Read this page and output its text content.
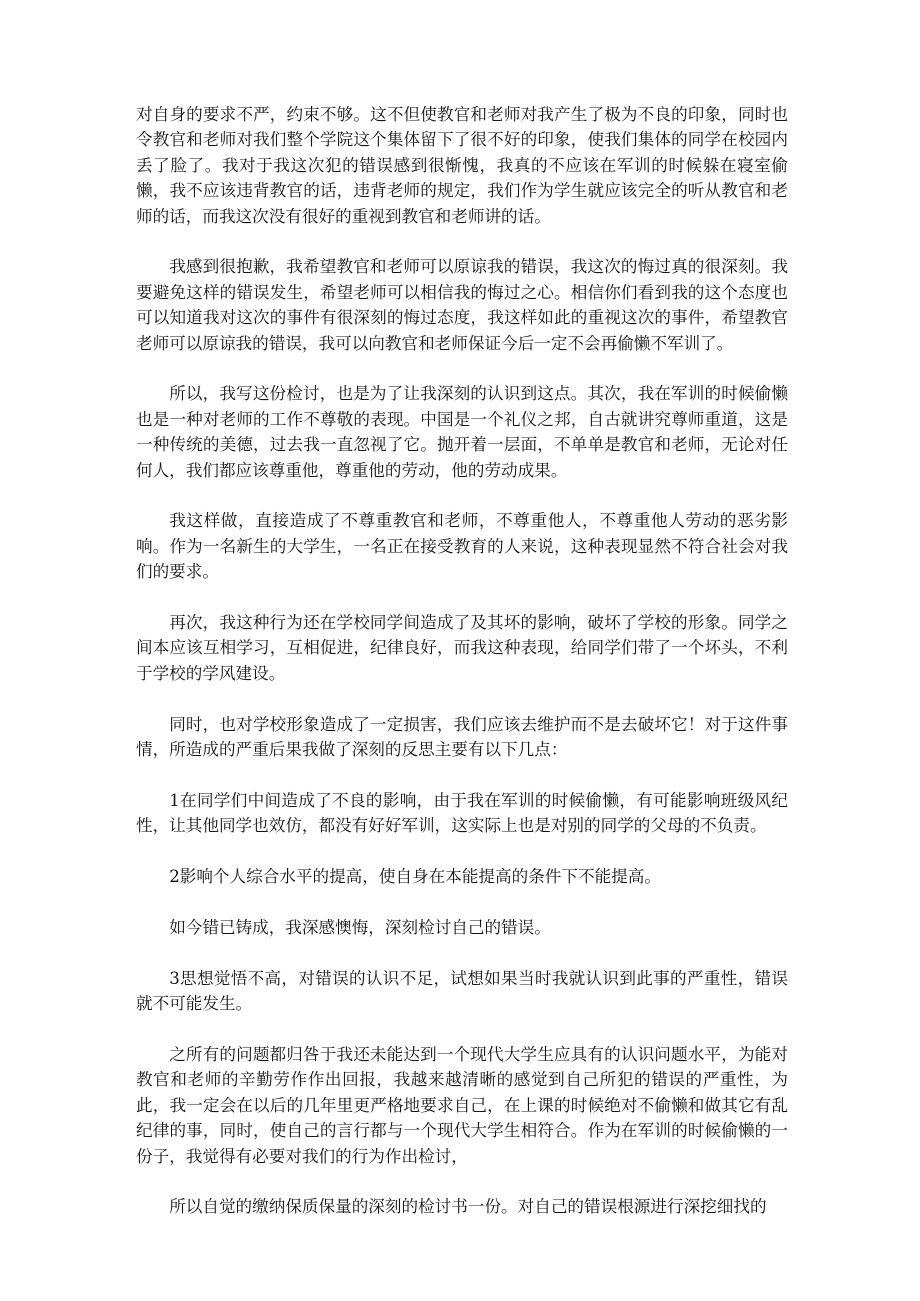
对自身的要求不严，约束不够。这不但使教官和老师对我产生了极为不良的印象，同时也令教官和老师对我们整个学院这个集体留下了很不好的印象，使我们集体的同学在校园内丢了脸了。我对于我这次犯的错误感到很惭愧，我真的不应该在军训的时候躲在寝室偷懒，我不应该违背教官的话，违背老师的规定，我们作为学生就应该完全的听从教官和老师的话，而我这次没有很好的重视到教官和老师讲的话。

我感到很抱歉，我希望教官和老师可以原谅我的错误，我这次的悔过真的很深刻。我要避免这样的错误发生，希望老师可以相信我的悔过之心。相信你们看到我的这个态度也可以知道我对这次的事件有很深刻的悔过态度，我这样如此的重视这次的事件，希望教官老师可以原谅我的错误，我可以向教官和老师保证今后一定不会再偷懒不军训了。

所以，我写这份检讨，也是为了让我深刻的认识到这点。其次，我在军训的时候偷懒也是一种对老师的工作不尊敬的表现。中国是一个礼仪之邦，自古就讲究尊师重道，这是一种传统的美德，过去我一直忽视了它。抛开着一层面，不单单是教官和老师，无论对任何人，我们都应该尊重他，尊重他的劳动，他的劳动成果。

我这样做，直接造成了不尊重教官和老师，不尊重他人，不尊重他人劳动的恶劣影响。作为一名新生的大学生，一名正在接受教育的人来说，这种表现显然不符合社会对我们的要求。

再次，我这种行为还在学校同学间造成了及其坏的影响，破坏了学校的形象。同学之间本应该互相学习，互相促进，纪律良好，而我这种表现，给同学们带了一个坏头，不利于学校的学风建设。

同时，也对学校形象造成了一定损害，我们应该去维护而不是去破坏它！对于这件事情，所造成的严重后果我做了深刻的反思主要有以下几点：

1在同学们中间造成了不良的影响，由于我在军训的时候偷懒，有可能影响班级风纪性，让其他同学也效仿，都没有好好军训，这实际上也是对别的同学的父母的不负责。

2影响个人综合水平的提高，使自身在本能提高的条件下不能提高。

如今错已铸成，我深感懊悔，深刻检讨自己的错误。

3思想觉悟不高，对错误的认识不足，试想如果当时我就认识到此事的严重性，错误就不可能发生。

之所有的问题都归咎于我还未能达到一个现代大学生应具有的认识问题水平，为能对教官和老师的辛勤劳作作出回报，我越来越清晰的感觉到自己所犯的错误的严重性，为此，我一定会在以后的几年里更严格地要求自己，在上课的时候绝对不偷懒和做其它有乱纪律的事，同时，使自己的言行都与一个现代大学生相符合。作为在军训的时候偷懒的一份子，我觉得有必要对我们的行为作出检讨，

所以自觉的缴纳保质保量的深刻的检讨书一份。对自己的错误根源进行深挖细找的
